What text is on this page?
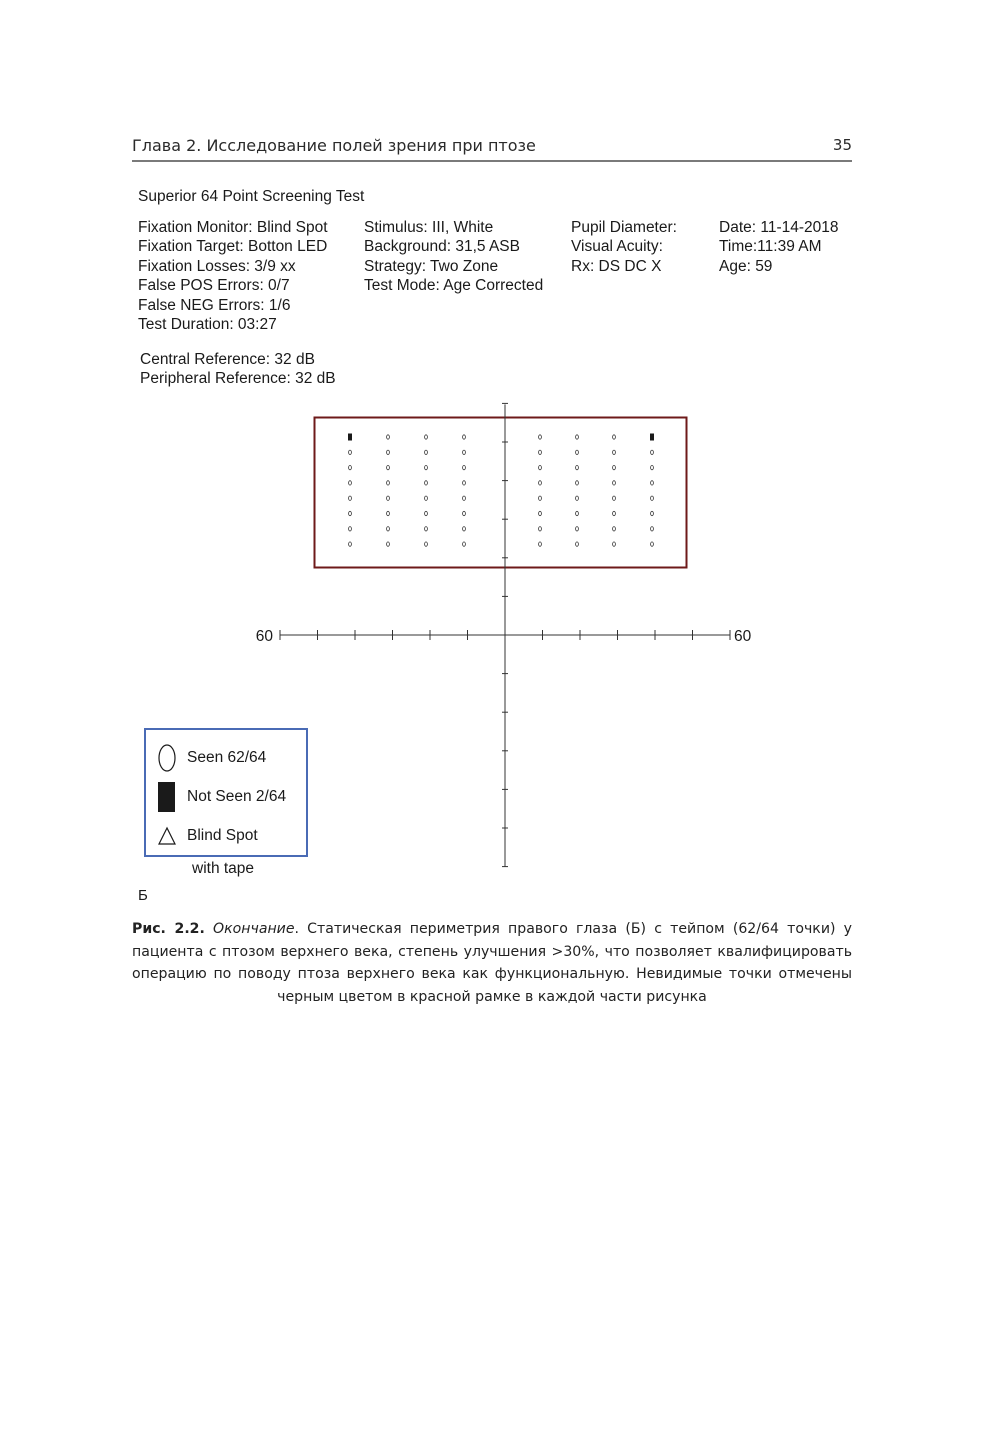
Глава 2. Исследование полей зрения при птозе	35
Superior 64 Point Screening Test
Fixation Monitor: Blind Spot
Fixation Target: Botton LED
Fixation Losses: 3/9 xx
False POS Errors: 0/7
False NEG Errors: 1/6
Test Duration: 03:27
Stimulus: III, White
Background: 31,5 ASB
Strategy: Two Zone
Test Mode: Age Corrected
Pupil Diameter:
Visual Acuity:
Rx: DS DC X
Date: 11-14-2018
Time:11:39 AM
Age: 59
Central Reference: 32 dB
Peripheral Reference: 32 dB
60	60
Seen 62/64
Not Seen 2/64
Blind Spot
with tape
Б
Рис. 2.2. Окончание. Статическая периметрия правого глаза (Б) с тейпом (62/64 точки) у пациента с птозом верхнего века, степень улучшения >30%, что позволяет квалифицировать операцию по поводу птоза верхнего века как функциональную. Невидимые точки отмечены черным цветом в красной рамке в каждой части рисунка
